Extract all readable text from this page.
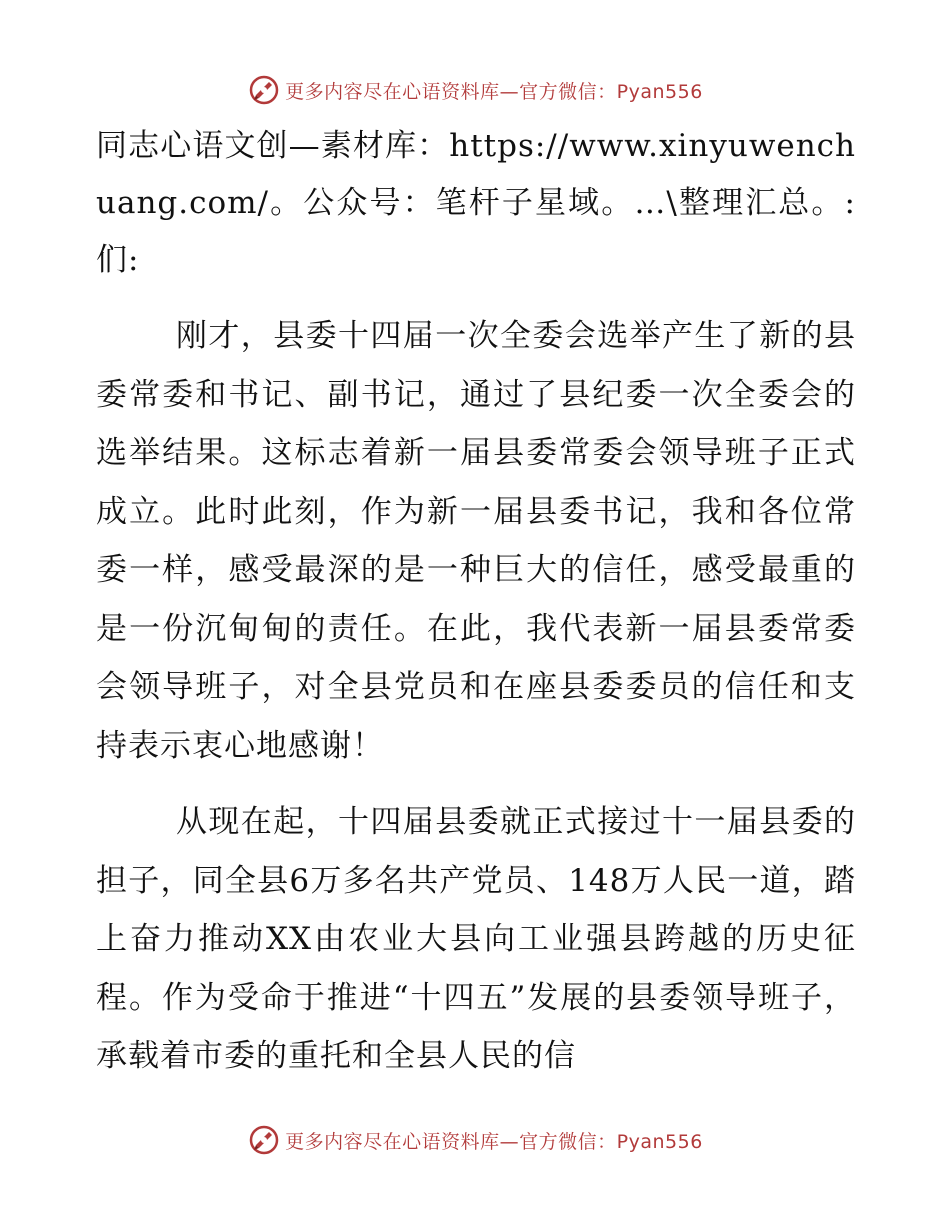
更多内容尽在心语资料库—官方微信：Pyan556

同志心语文创—素材库：https://www.xinyuwenchuang.com/。公众号：笔杆子星域。…\整理汇总。:们:

刚才，县委十四届一次全委会选举产生了新的县委常委和书记、副书记，通过了县纪委一次全委会的选举结果。这标志着新一届县委常委会领导班子正式成立。此时此刻，作为新一届县委书记，我和各位常委一样，感受最深的是一种巨大的信任，感受最重的是一份沉甸甸的责任。在此，我代表新一届县委常委会领导班子，对全县党员和在座县委委员的信任和支持表示衷心地感谢！

从现在起，十四届县委就正式接过十一届县委的担子，同全县6万多名共产党员、148万人民一道，踏上奋力推动XX由农业大县向工业强县跨越的历史征程。作为受命于推进“十四五”发展的县委领导班子，承载着市委的重托和全县人民的信

更多内容尽在心语资料库—官方微信：Pyan556
